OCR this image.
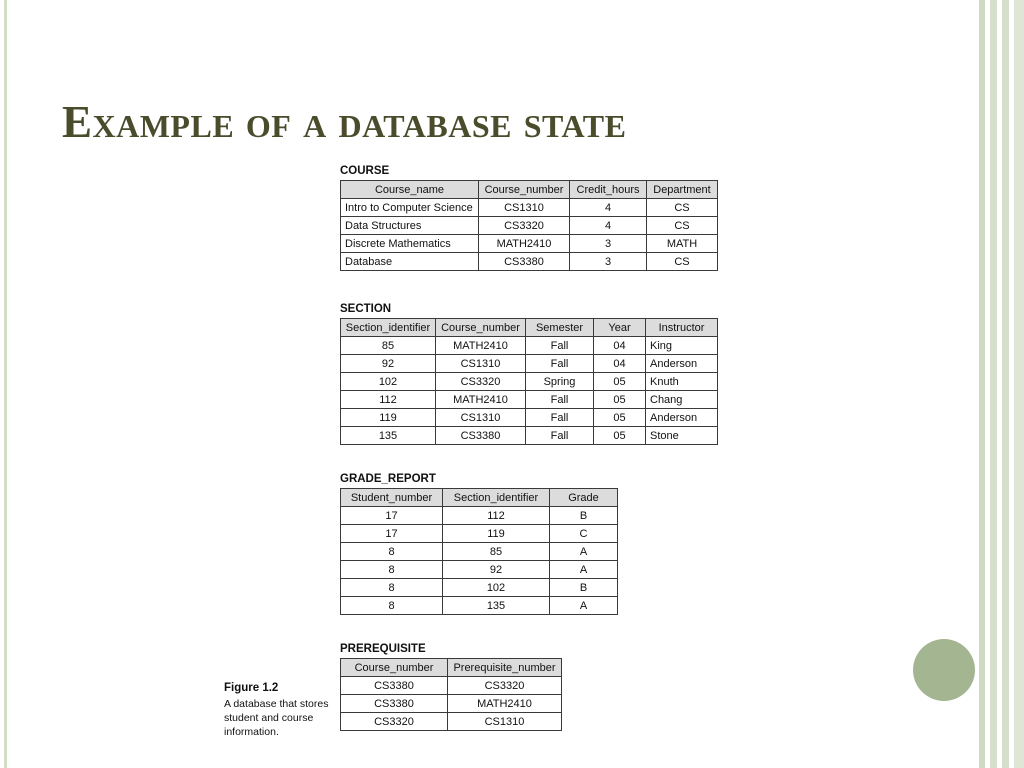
Example of a database state

COURSE

Course_name	Course_number	Credit_hours	Department
Intro to Computer Science	CS1310	4	CS
Data Structures	CS3320	4	CS
Discrete Mathematics	MATH2410	3	MATH
Database	CS3380	3	CS

SECTION

Section_identifier	Course_number	Semester	Year	Instructor
85	MATH2410	Fall	04	King
92	CS1310	Fall	04	Anderson
102	CS3320	Spring	05	Knuth
112	MATH2410	Fall	05	Chang
119	CS1310	Fall	05	Anderson
135	CS3380	Fall	05	Stone

GRADE_REPORT

Student_number	Section_identifier	Grade
17	112	B
17	119	C
8	85	A
8	92	A
8	102	B
8	135	A

PREREQUISITE

Course_number	Prerequisite_number
CS3380	CS3320
CS3380	MATH2410
CS3320	CS1310

Figure 1.2

A database that stores student and course information.
